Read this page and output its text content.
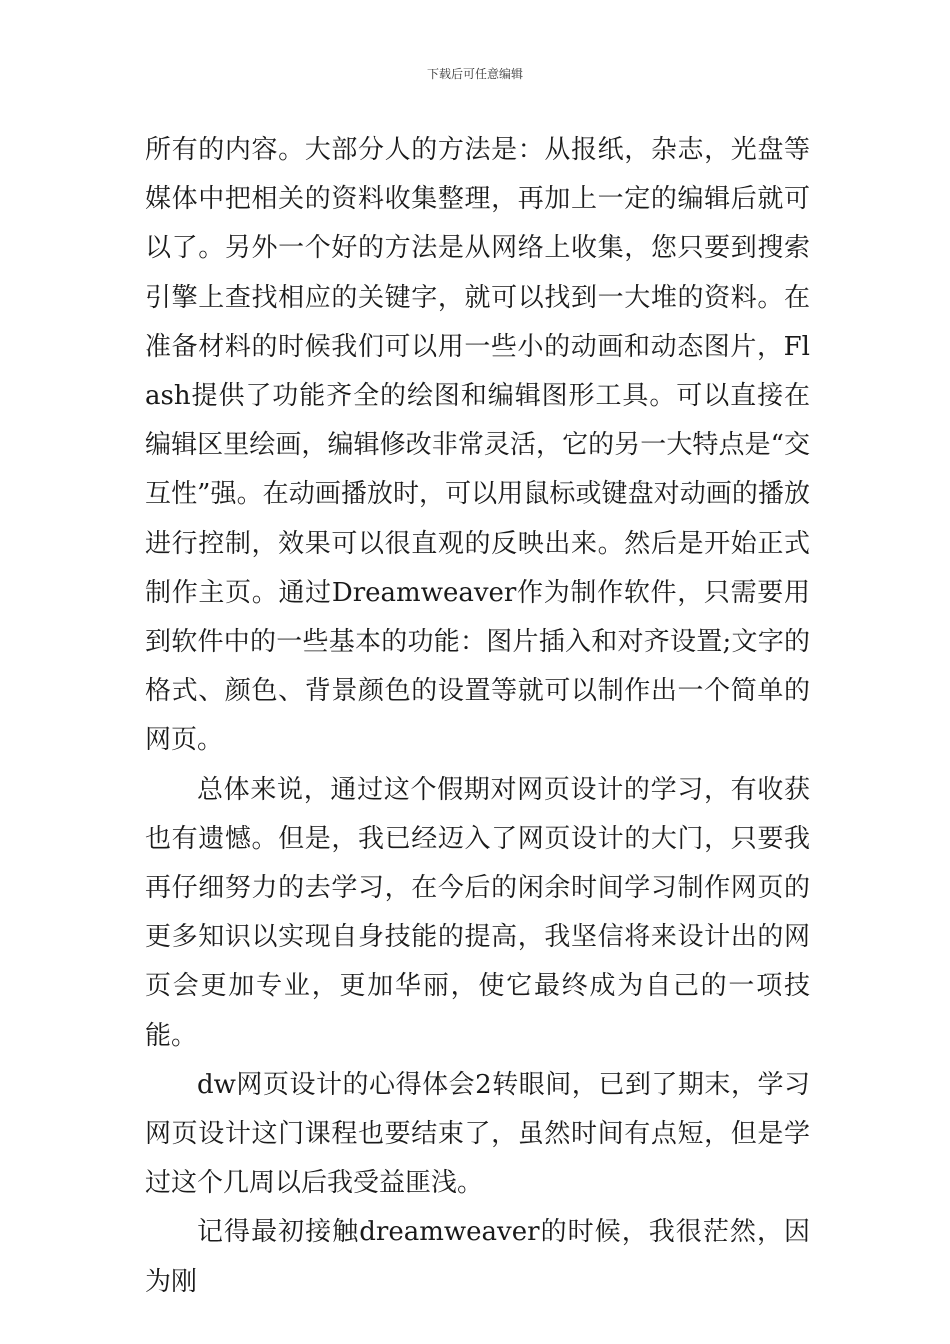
下载后可任意编辑

所有的内容。大部分人的方法是：从报纸，杂志，光盘等媒体中把相关的资料收集整理，再加上一定的编辑后就可以了。另外一个好的方法是从网络上收集，您只要到搜索引擎上查找相应的关键字，就可以找到一大堆的资料。在准备材料的时候我们可以用一些小的动画和动态图片，Flash提供了功能齐全的绘图和编辑图形工具。可以直接在编辑区里绘画，编辑修改非常灵活，它的另一大特点是“交互性”强。在动画播放时，可以用鼠标或键盘对动画的播放进行控制，效果可以很直观的反映出来。然后是开始正式制作主页。通过Dreamweaver作为制作软件，只需要用到软件中的一些基本的功能：图片插入和对齐设置;文字的格式、颜色、背景颜色的设置等就可以制作出一个简单的网页。

总体来说，通过这个假期对网页设计的学习，有收获也有遗憾。但是，我已经迈入了网页设计的大门，只要我再仔细努力的去学习，在今后的闲余时间学习制作网页的更多知识以实现自身技能的提高，我坚信将来设计出的网页会更加专业，更加华丽，使它最终成为自己的一项技能。

dw网页设计的心得体会2转眼间，已到了期末，学习网页设计这门课程也要结束了，虽然时间有点短，但是学过这个几周以后我受益匪浅。

记得最初接触dreamweaver的时候，我很茫然，因为刚
